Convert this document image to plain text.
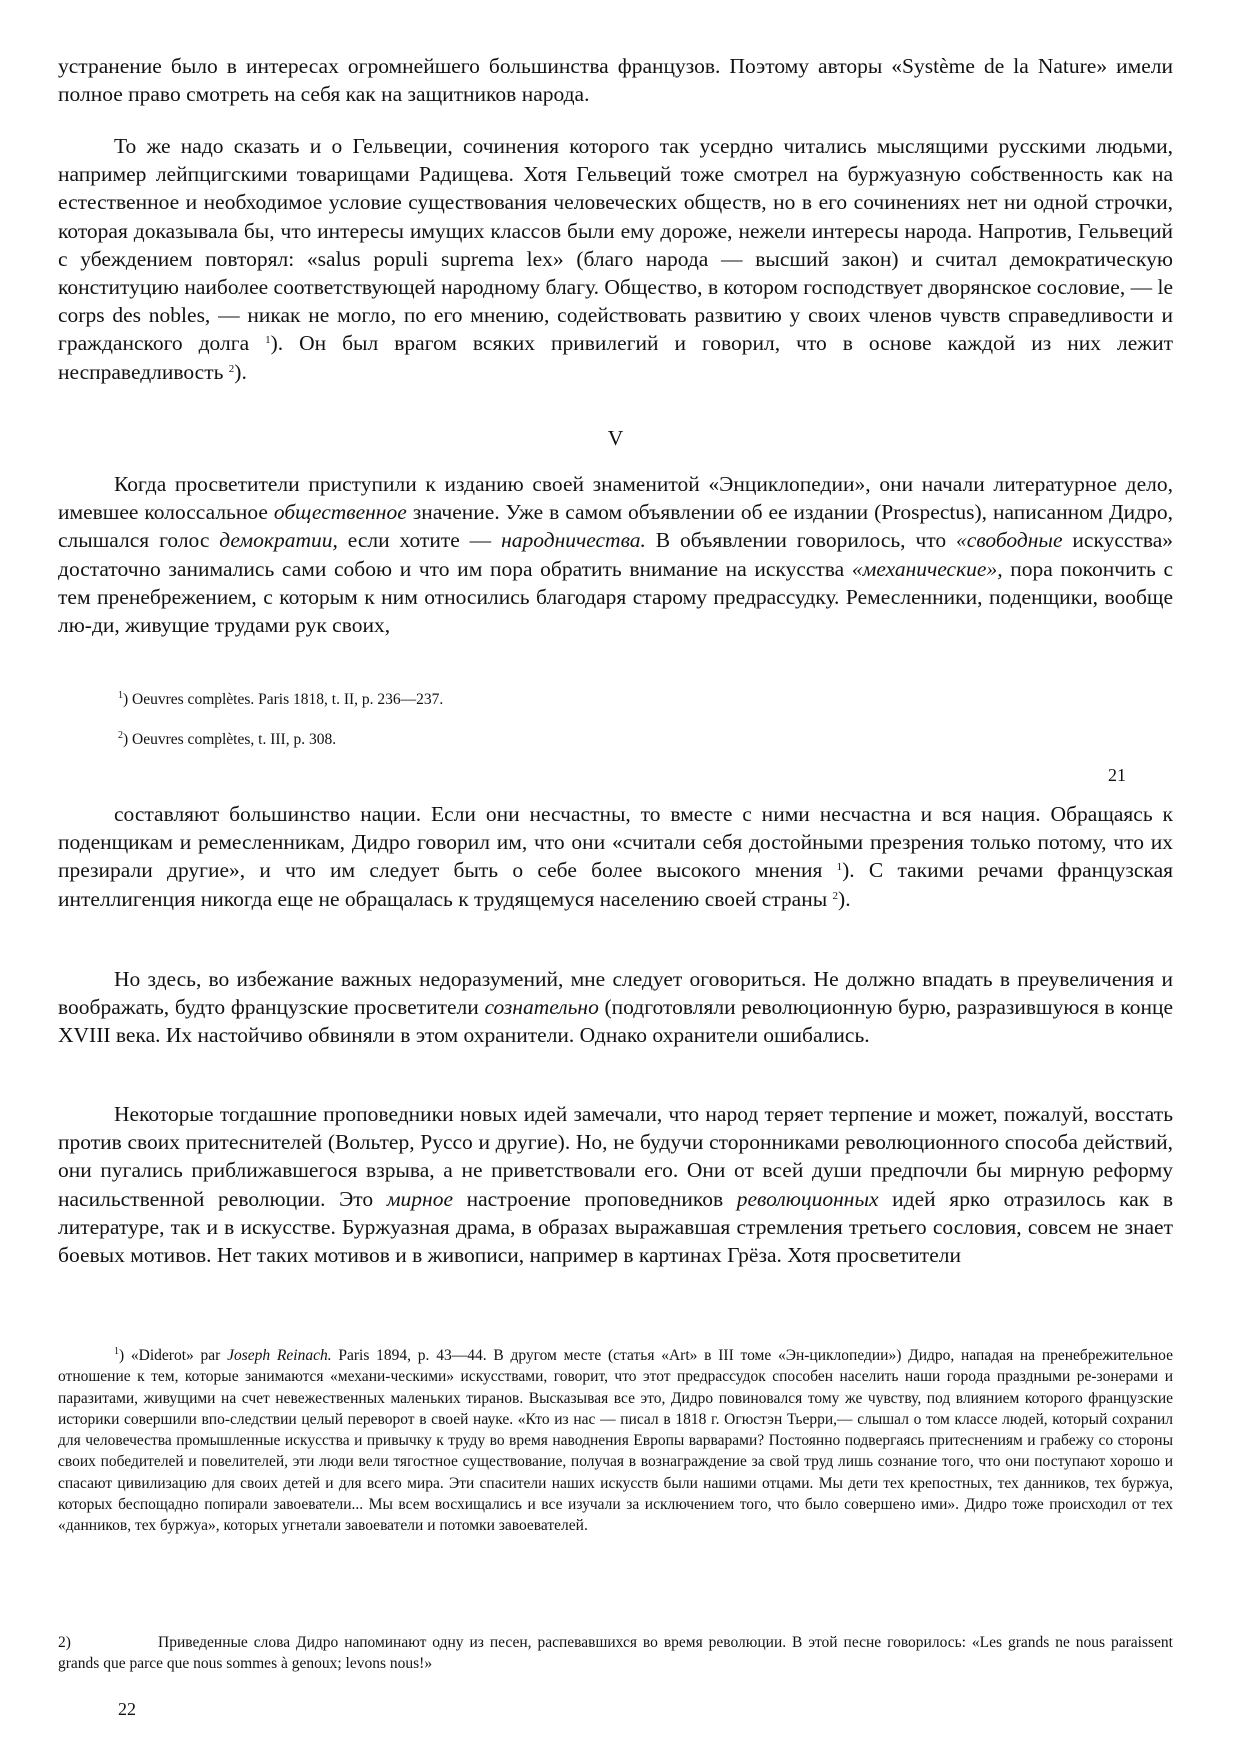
устранение было в интересах огромнейшего большинства французов. Поэтому авторы «Système de la Nature» имели полное право смотреть на себя как на защитников народа.

То же надо сказать и о Гельвеции, сочинения которого так усердно читались мыслящими русскими людьми, например лейпцигскими товарищами Радищева. Хотя Гельвеций тоже смотрел на буржуазную собственность как на естественное и необходимое условие существования человеческих обществ, но в его сочинениях нет ни одной строчки, которая доказывала бы, что интересы имущих классов были ему дороже, нежели интересы народа. Напротив, Гельвеций с убеждением повторял: «salus populi suprema lex» (благо народа — высший закон) и считал демократическую конституцию наиболее соответствующей народному благу. Общество, в котором господствует дворянское сословие, — le corps des nobles, — никак не могло, по его мнению, содействовать развитию у своих членов чувств справедливости и гражданского долга $^1$). Он был врагом всяких привилегий и говорил, что в основе каждой из них лежит несправедливость $^2$).

V

Когда просветители приступили к изданию своей знаменитой «Энциклопедии», они начали литературное дело, имевшее колоссальное общественное значение. Уже в самом объявлении об ее издании (Prospectus), написанном Дидро, слышался голос демократии, если хотите — народничества. В объявлении говорилось, что «свободные искусства» достаточно занимались сами собою и что им пора обратить внимание на искусства «механические», пора покончить с тем пренебрежением, с которым к ним относились благодаря старому предрассудку. Ремесленники, поденщики, вообще лю-ди, живущие трудами рук своих,

$^1$) Oeuvres complètes. Paris 1818, t. II, p. 236—237.

$^2$) Oeuvres complètes, t. III, p. 308.

21

составляют большинство нации. Если они несчастны, то вместе с ними несчастна и вся нация. Обращаясь к поденщикам и ремесленникам, Дидро говорил им, что они «считали себя достойными презрения только потому, что их презирали другие», и что им следует быть о себе более высокого мнения $^1$). С такими речами французская интеллигенция никогда еще не обращалась к трудящемуся населению своей страны $^2$).

Но здесь, во избежание важных недоразумений, мне следует оговориться. Не должно впадать в преувеличения и воображать, будто французские просветители сознательно (подготовляли революционную бурю, разразившуюся в конце XVIII века. Их настойчиво обвиняли в этом охранители. Однако охранители ошибались.

Некоторые тогдашние проповедники новых идей замечали, что народ теряет терпение и может, пожалуй, восстать против своих притеснителей (Вольтер, Руссо и другие). Но, не будучи сторонниками революционного способа действий, они пугались приближавшегося взрыва, а не приветствовали его. Они от всей души предпочли бы мирную реформу насильственной революции. Это мирное настроение проповедников революционных идей ярко отразилось как в литературе, так и в искусстве. Буржуазная драма, в образах выражавшая стремления третьего сословия, совсем не знает боевых мотивов. Нет таких мотивов и в живописи, например в картинах Грёза. Хотя просветители

$^1$) «Diderot» par Joseph Reinach. Paris 1894, p. 43—44. В другом месте (статья «Art» в III томе «Эн-циклопедии») Дидро, нападая на пренебрежительное отношение к тем, которые занимаются «механи-ческими» искусствами, говорит, что этот предрассудок способен населить наши города праздными ре-зонерами и паразитами, живущими на счет невежественных маленьких тиранов. Высказывая все это, Дидро повиновался тому же чувству, под влиянием которого французские историки совершили впо-следствии целый переворот в своей науке. «Кто из нас — писал в 1818 г. Огюстэн Тьерри,— слышал о том классе людей, который сохранил для человечества промышленные искусства и привычку к труду во время наводнения Европы варварами? Постоянно подвергаясь притеснениям и грабежу со стороны своих победителей и повелителей, эти люди вели тягостное существование, получая в вознаграждение за свой труд лишь сознание того, что они поступают хорошо и спасают цивилизацию для своих детей и для всего мира. Эти спасители наших искусств были нашими отцами. Мы дети тех крепостных, тех данников, тех буржуа, которых беспощадно попирали завоеватели... Мы всем восхищались и все изучали за исключением того, что было совершено ими». Дидро тоже происходил от тех «данников, тех буржуа», которых угнетали завоеватели и потомки завоевателей.

2)	Приведенные слова Дидро напоминают одну из песен, распевавшихся во время революции. В этой песне говорилось: «Les grands ne nous paraissent grands que parce que nous sommes à genoux; levons nous!»

22
